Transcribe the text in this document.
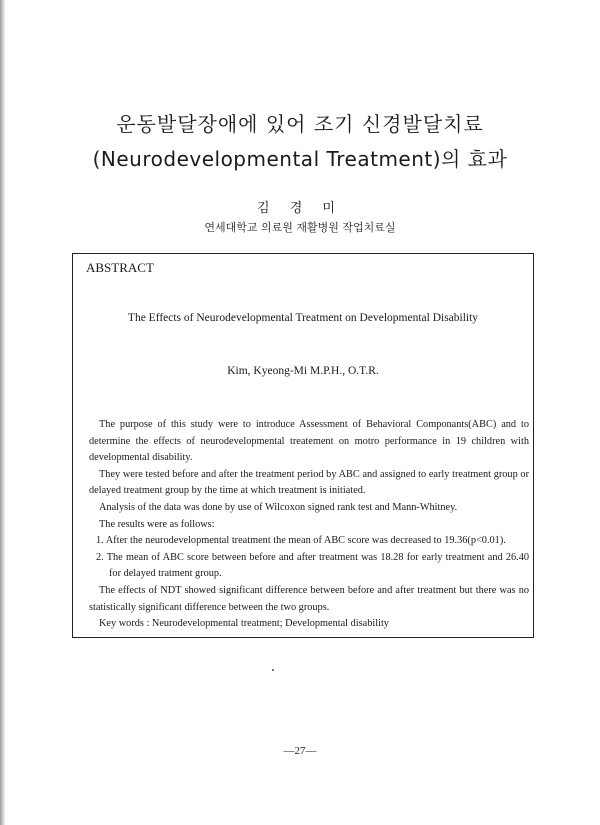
운동발달장애에 있어 조기 신경발달치료
(Neurodevelopmental Treatment)의 효과
김 경 미
연세대학교 의료원 재활병원 작업치료실
ABSTRACT
The Effects of Neurodevelopmental Treatment on Developmental Disability
Kim, Kyeong-Mi M.P.H., O.T.R.

The purpose of this study were to introduce Assessment of Behavioral Componants(ABC) and to determine the effects of neurodevelopmental treatement on motro performance in 19 children with developmental disability.

They were tested before and after the treatment period by ABC and assigned to early treatment group or delayed treatment group by the time at which treatment is initiated.

Analysis of the data was done by use of Wilcoxon signed rank test and Mann-Whitney.

The results were as follows:

1. After the neurodevelopmental treatment the mean of ABC score was decreased to 19.36(p<0.01).

2. The mean of ABC score between before and after treatment was 18.28 for early treatment and 26.40 for delayed tratment group.

The effects of NDT showed significant difference between before and after treatment but there was no statistically significant difference between the two groups.

Key words : Neurodevelopmental treatment; Developmental disability

—27—
